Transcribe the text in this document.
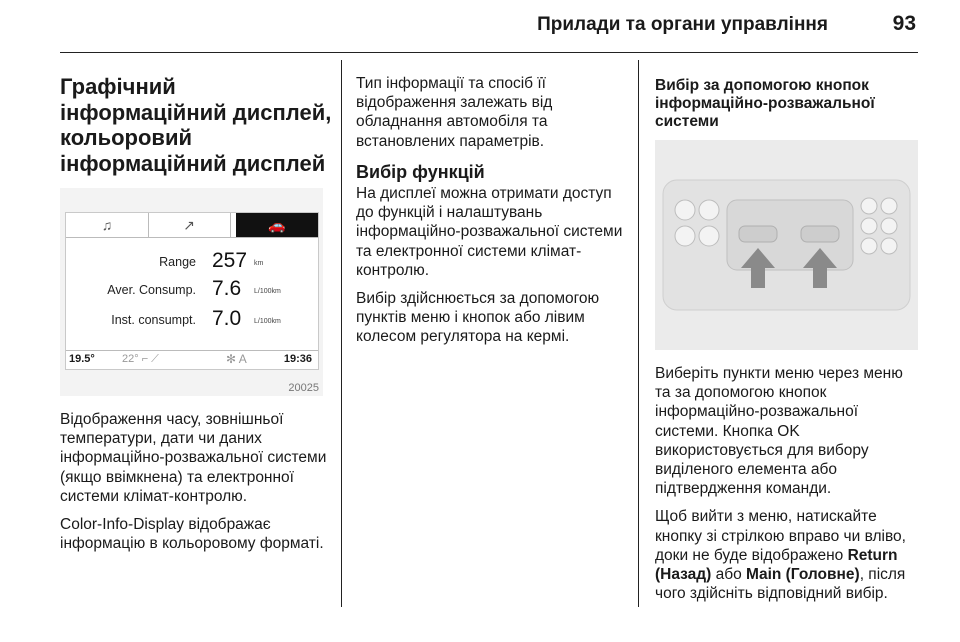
Прилади та органи управління	93
Графічний
інформаційний дисплей,
кольоровий
інформаційний дисплей
♫	↗	🚗
Range 257 km
Aver. Consump. 7.6 L/100km
Inst. consumpt. 7.0 L/100km
19.5° 22° ⌐ ⟋	✻ A	19:36
20025

Відображення часу, зовнішньої температури, дати чи даних інформаційно-розважальної системи (якщо ввімкнена) та електронної системи клімат-контролю.

Color-Info-Display відображає інформацію в кольоровому форматі.

Тип інформації та спосіб її відображення залежать від обладнання автомобіля та встановлених параметрів.

Вибір функцій

На дисплеї можна отримати доступ до функцій і налаштувань інформаційно-розважальної системи та електронної системи клімат-контролю.

Вибір здійснюється за допомогою пунктів меню і кнопок або лівим колесом регулятора на кермі.

Вибір за допомогою кнопок
інформаційно-розважальної
системи

Виберіть пункти меню через меню та за допомогою кнопок інформаційно-розважальної системи. Кнопка OK використовується для вибору виділеного елемента або підтвердження команди.

Щоб вийти з меню, натискайте кнопку зі стрілкою вправо чи вліво, доки не буде відображено Return (Назад) або Main (Головне), після чого здійсніть відповідний вибір.
